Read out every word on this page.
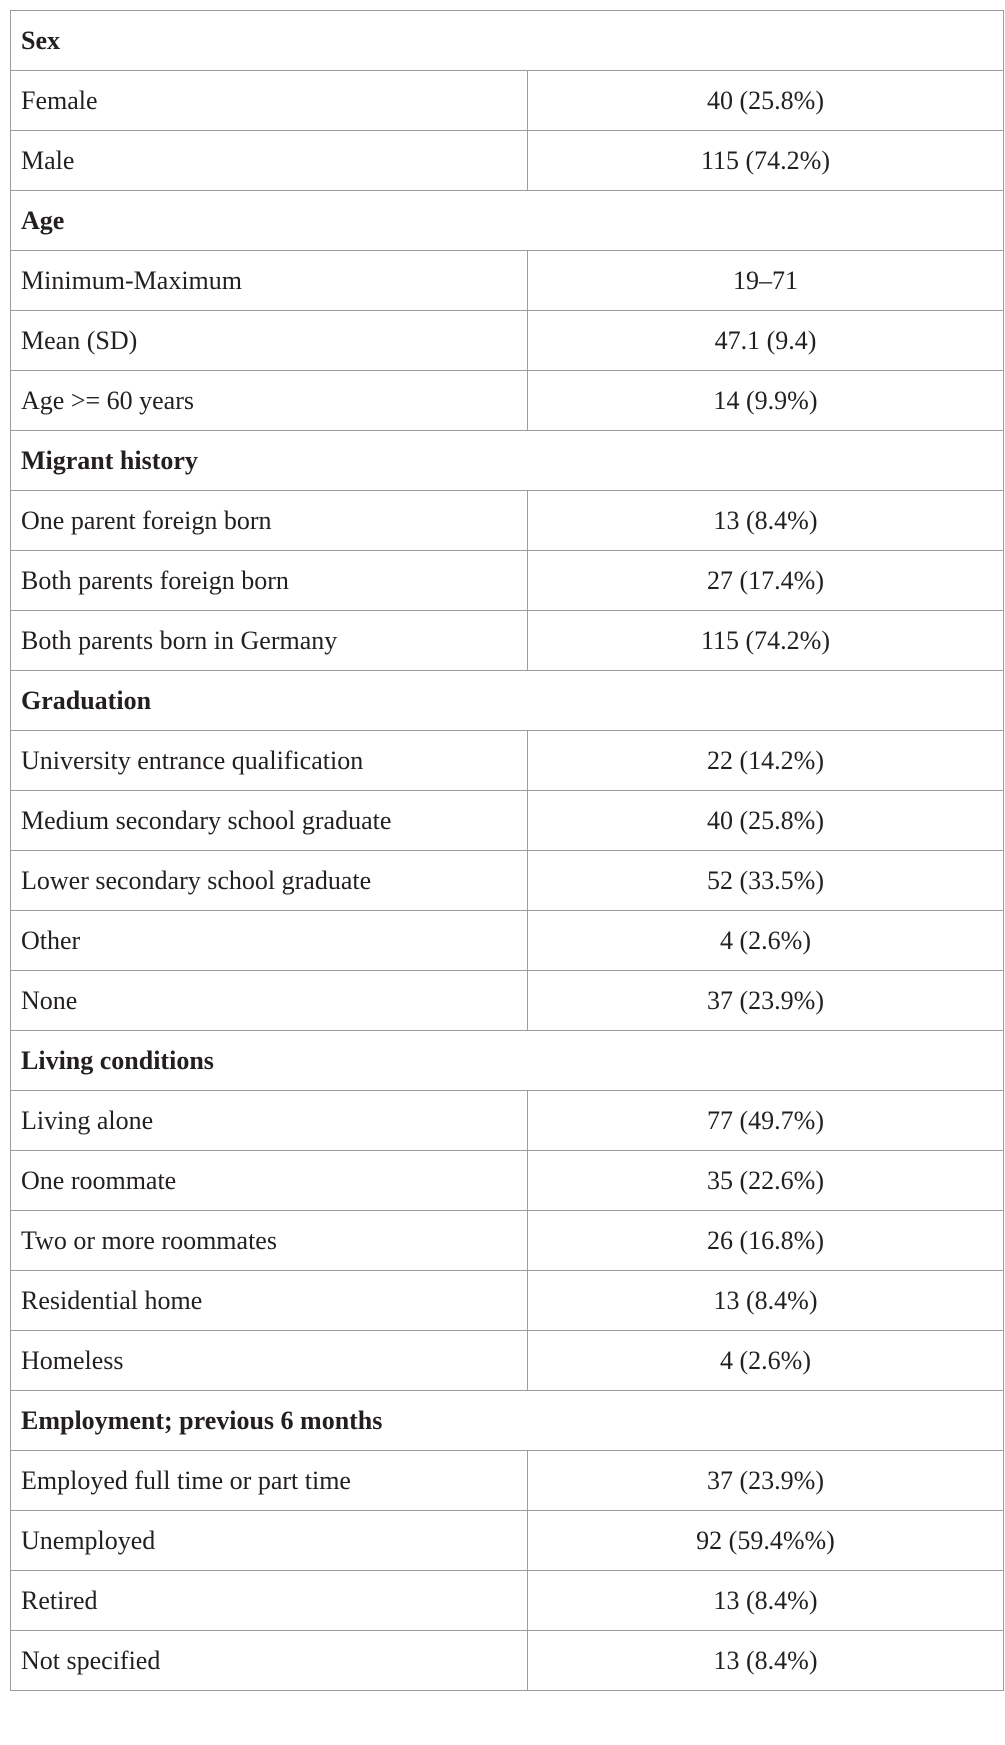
Sex	
Female	40 (25.8%)
Male	115 (74.2%)
Age	
Minimum-Maximum	19–71
Mean (SD)	47.1 (9.4)
Age >= 60 years	14 (9.9%)
Migrant history	
One parent foreign born	13 (8.4%)
Both parents foreign born	27 (17.4%)
Both parents born in Germany	115 (74.2%)
Graduation	
University entrance qualification	22 (14.2%)
Medium secondary school graduate	40 (25.8%)
Lower secondary school graduate	52 (33.5%)
Other	4 (2.6%)
None	37 (23.9%)
Living conditions	
Living alone	77 (49.7%)
One roommate	35 (22.6%)
Two or more roommates	26 (16.8%)
Residential home	13 (8.4%)
Homeless	4 (2.6%)
Employment; previous 6 months	
Employed full time or part time	37 (23.9%)
Unemployed	92 (59.4%%)
Retired	13 (8.4%)
Not specified	13 (8.4%)
